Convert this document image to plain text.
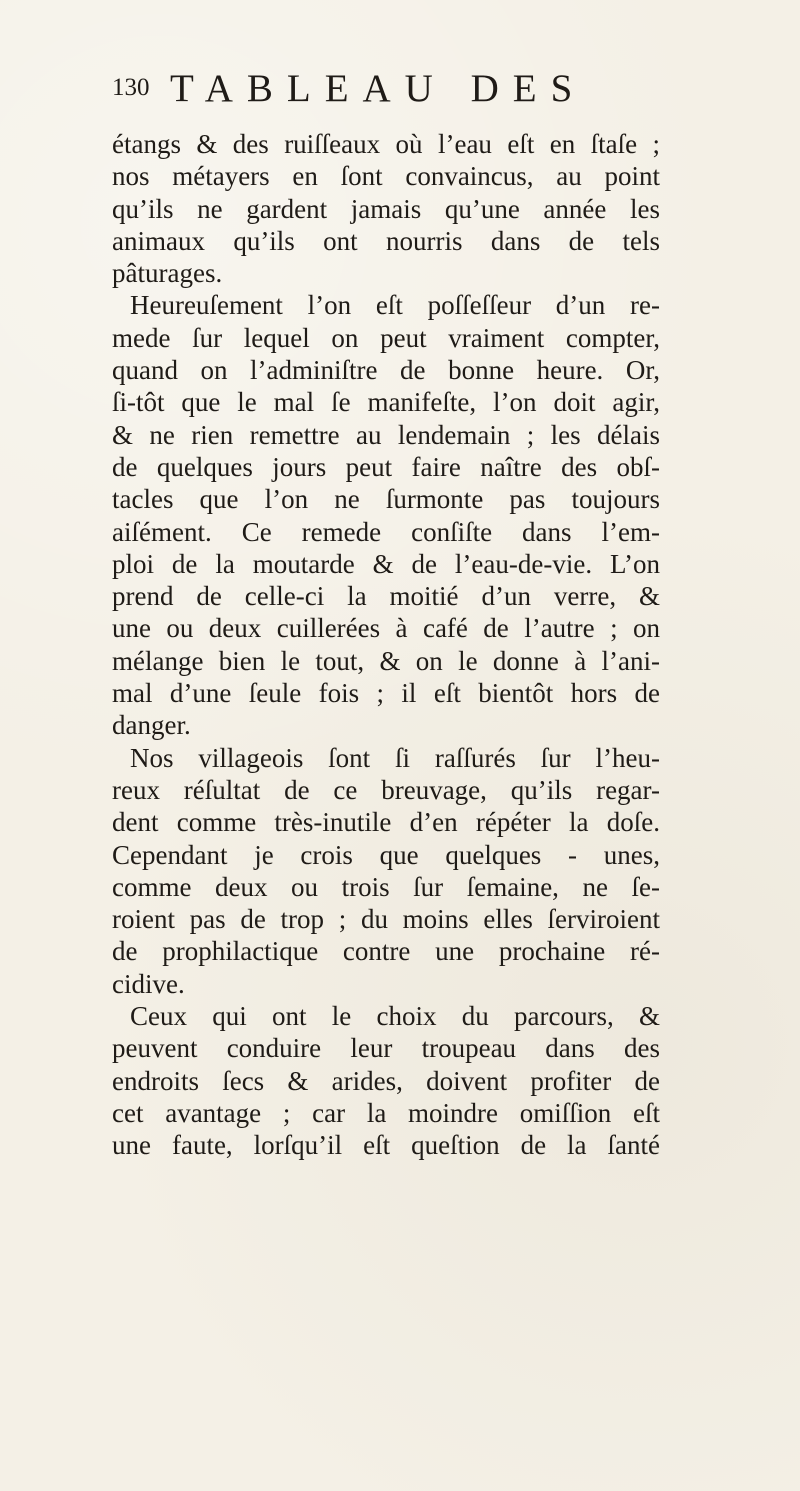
130 TABLEAU DES
étangs & des ruiſſeaux où l’eau eſt en ſtaſe ;
nos métayers en ſont convaincus, au point
qu’ils ne gardent jamais qu’une année les
animaux qu’ils ont nourris dans de tels
pâturages.
Heureuſement l’on eſt poſſeſſeur d’un re-
mede ſur lequel on peut vraiment compter,
quand on l’adminiſtre de bonne heure. Or,
ſi-tôt que le mal ſe manifeſte, l’on doit agir,
& ne rien remettre au lendemain ; les délais
de quelques jours peut faire naître des obſ-
tacles que l’on ne ſurmonte pas toujours
aiſément. Ce remede conſiſte dans l’em-
ploi de la moutarde & de l’eau-de-vie. L’on
prend de celle-ci la moitié d’un verre, &
une ou deux cuillerées à café de l’autre ; on
mélange bien le tout, & on le donne à l’ani-
mal d’une ſeule fois ; il eſt bientôt hors de
danger.
Nos villageois ſont ſi raſſurés ſur l’heu-
reux réſultat de ce breuvage, qu’ils regar-
dent comme très-inutile d’en répéter la doſe.
Cependant je crois que quelques - unes,
comme deux ou trois ſur ſemaine, ne ſe-
roient pas de trop ; du moins elles ſerviroient
de prophilactique contre une prochaine ré-
cidive.
Ceux qui ont le choix du parcours, &
peuvent conduire leur troupeau dans des
endroits ſecs & arides, doivent profiter de
cet avantage ; car la moindre omiſſion eſt
une faute, lorſqu’il eſt queſtion de la ſanté
